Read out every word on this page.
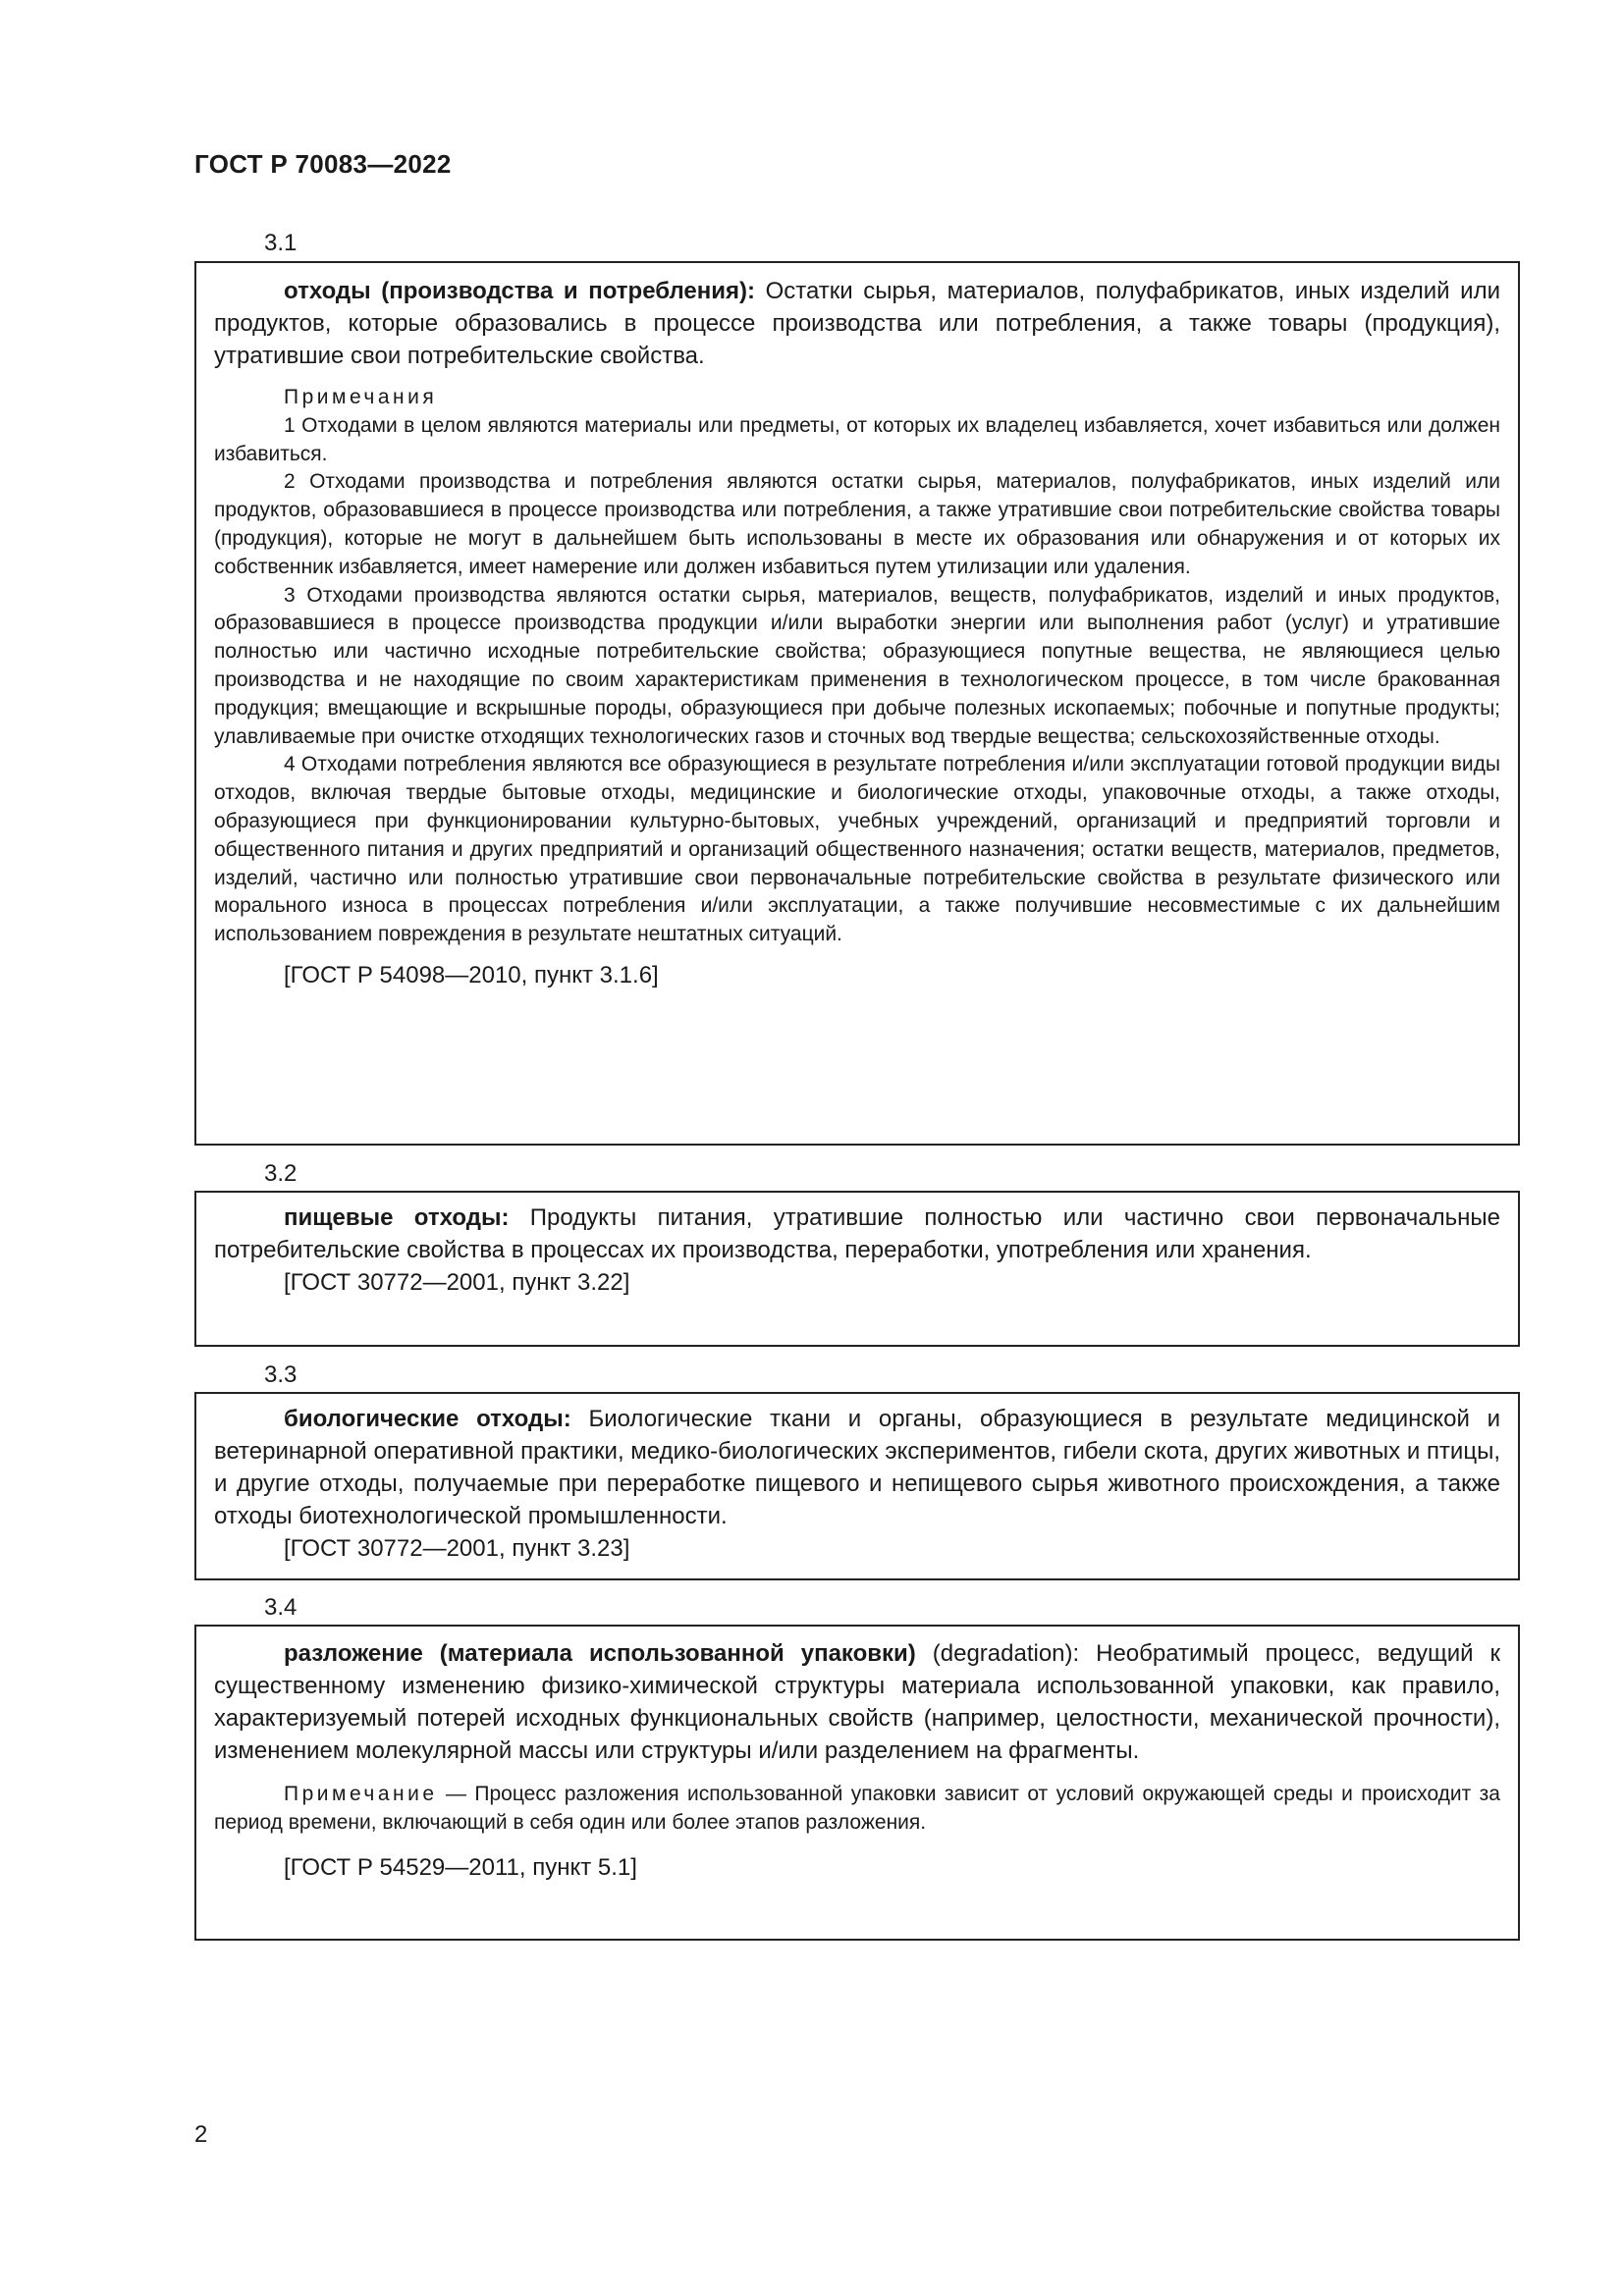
ГОСТ Р 70083—2022
3.1

отходы (производства и потребления): Остатки сырья, материалов, полуфабрикатов, иных изделий или продуктов, которые образовались в процессе производства или потребления, а также товары (продукция), утратившие свои потребительские свойства.

Примечания

1 Отходами в целом являются материалы или предметы, от которых их владелец избавляется, хочет избавиться или должен избавиться.

2 Отходами производства и потребления являются остатки сырья, материалов, полуфабрикатов, иных изделий или продуктов, образовавшиеся в процессе производства или потребления, а также утратившие свои потребительские свойства товары (продукция), которые не могут в дальнейшем быть использованы в месте их образования или обнаружения и от которых их собственник избавляется, имеет намерение или должен избавиться путем утилизации или удаления.

3 Отходами производства являются остатки сырья, материалов, веществ, полуфабрикатов, изделий и иных продуктов, образовавшиеся в процессе производства продукции и/или выработки энергии или выполнения работ (услуг) и утратившие полностью или частично исходные потребительские свойства; образующиеся попутные вещества, не являющиеся целью производства и не находящие по своим характеристикам применения в технологическом процессе, в том числе бракованная продукция; вмещающие и вскрышные породы, образующиеся при добыче полезных ископаемых; побочные и попутные продукты; улавливаемые при очистке отходящих технологических газов и сточных вод твердые вещества; сельскохозяйственные отходы.

4 Отходами потребления являются все образующиеся в результате потребления и/или эксплуатации готовой продукции виды отходов, включая твердые бытовые отходы, медицинские и биологические отходы, упаковочные отходы, а также отходы, образующиеся при функционировании культурно-бытовых, учебных учреждений, организаций и предприятий торговли и общественного питания и других предприятий и организаций общественного назначения; остатки веществ, материалов, предметов, изделий, частично или полностью утратившие свои первоначальные потребительские свойства в результате физического или морального износа в процессах потребления и/или эксплуатации, а также получившие несовместимые с их дальнейшим использованием повреждения в результате нештатных ситуаций.

[ГОСТ Р 54098—2010, пункт 3.1.6]

3.2

пищевые отходы: Продукты питания, утратившие полностью или частично свои первоначальные потребительские свойства в процессах их производства, переработки, употребления или хранения.

[ГОСТ 30772—2001, пункт 3.22]

3.3

биологические отходы: Биологические ткани и органы, образующиеся в результате медицинской и ветеринарной оперативной практики, медико-биологических экспериментов, гибели скота, других животных и птицы, и другие отходы, получаемые при переработке пищевого и непищевого сырья животного происхождения, а также отходы биотехнологической промышленности.

[ГОСТ 30772—2001, пункт 3.23]

3.4

разложение (материала использованной упаковки) (degradation): Необратимый процесс, ведущий к существенному изменению физико-химической структуры материала использованной упаковки, как правило, характеризуемый потерей исходных функциональных свойств (например, целостности, механической прочности), изменением молекулярной массы или структуры и/или разделением на фрагменты.

Примечание — Процесс разложения использованной упаковки зависит от условий окружающей среды и происходит за период времени, включающий в себя один или более этапов разложения.

[ГОСТ Р 54529—2011, пункт 5.1]

2
